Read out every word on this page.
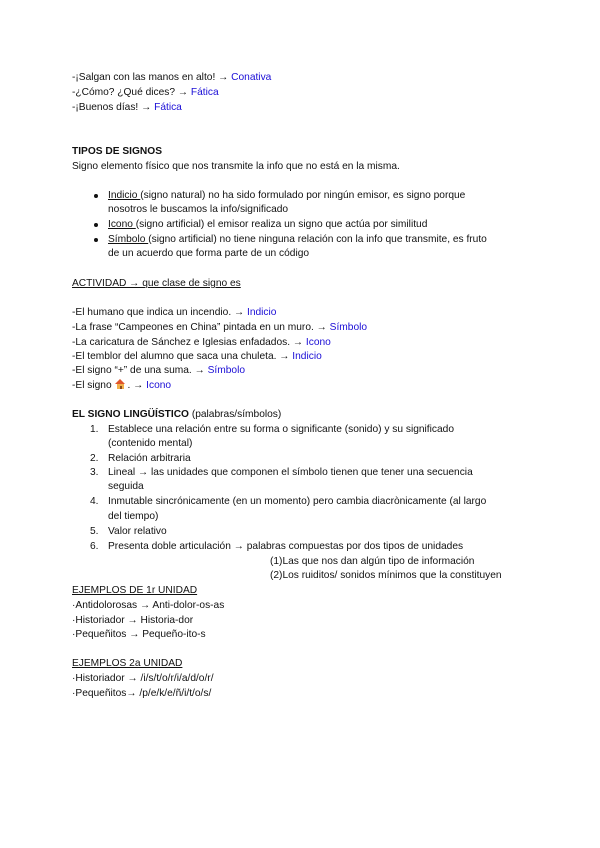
-¡Salgan con las manos en alto! → Conativa
-¿Cómo? ¿Qué dices? → Fática
-¡Buenos días! → Fática
TIPOS DE SIGNOS
Signo elemento físico que nos transmite la info que no está en la misma.
Indicio (signo natural) no ha sido formulado por ningún emisor, es signo porque
nosotros le buscamos la info/significado
Icono (signo artificial) el emisor realiza un signo que actúa por similitud
Símbolo (signo artificial) no tiene ninguna relación con la info que transmite, es fruto
de un acuerdo que forma parte de un código
ACTIVIDAD → que clase de signo es
-El humano que indica un incendio. → Indicio
-La frase “Campeones en China” pintada en un muro. → Símbolo
-La caricatura de Sánchez e Iglesias enfadados. → Icono
-El temblor del alumno que saca una chuleta. → Indicio
-El signo “+” de una suma. → Símbolo
-El signo
. → Icono
EL SIGNO LINGÜÍSTICO (palabras/símbolos)
1. Establece una relación entre su forma o significante (sonido) y su significado
(contenido mental)
2. Relación arbitraria
3. Lineal → las unidades que componen el símbolo tienen que tener una secuencia
seguida
4. Inmutable sincrónicamente (en un momento) pero cambia diacrònicamente (al largo
del tiempo)
5. Valor relativo
6. Presenta doble articulación → palabras compuestas por dos tipos de unidades
(1)Las que nos dan algún tipo de información
(2)Los ruiditos/ sonidos mínimos que la constituyen
EJEMPLOS DE 1r UNIDAD
·Antidolorosas → Anti-dolor-os-as
·Historiador → Historia-dor
·Pequeñitos → Pequeño-ito-s
EJEMPLOS 2a UNIDAD
·Historiador → /i/s/t/o/r/i/a/d/o/r/
·Pequeñitos→ /p/e/k/e/ñ/i/t/o/s/
